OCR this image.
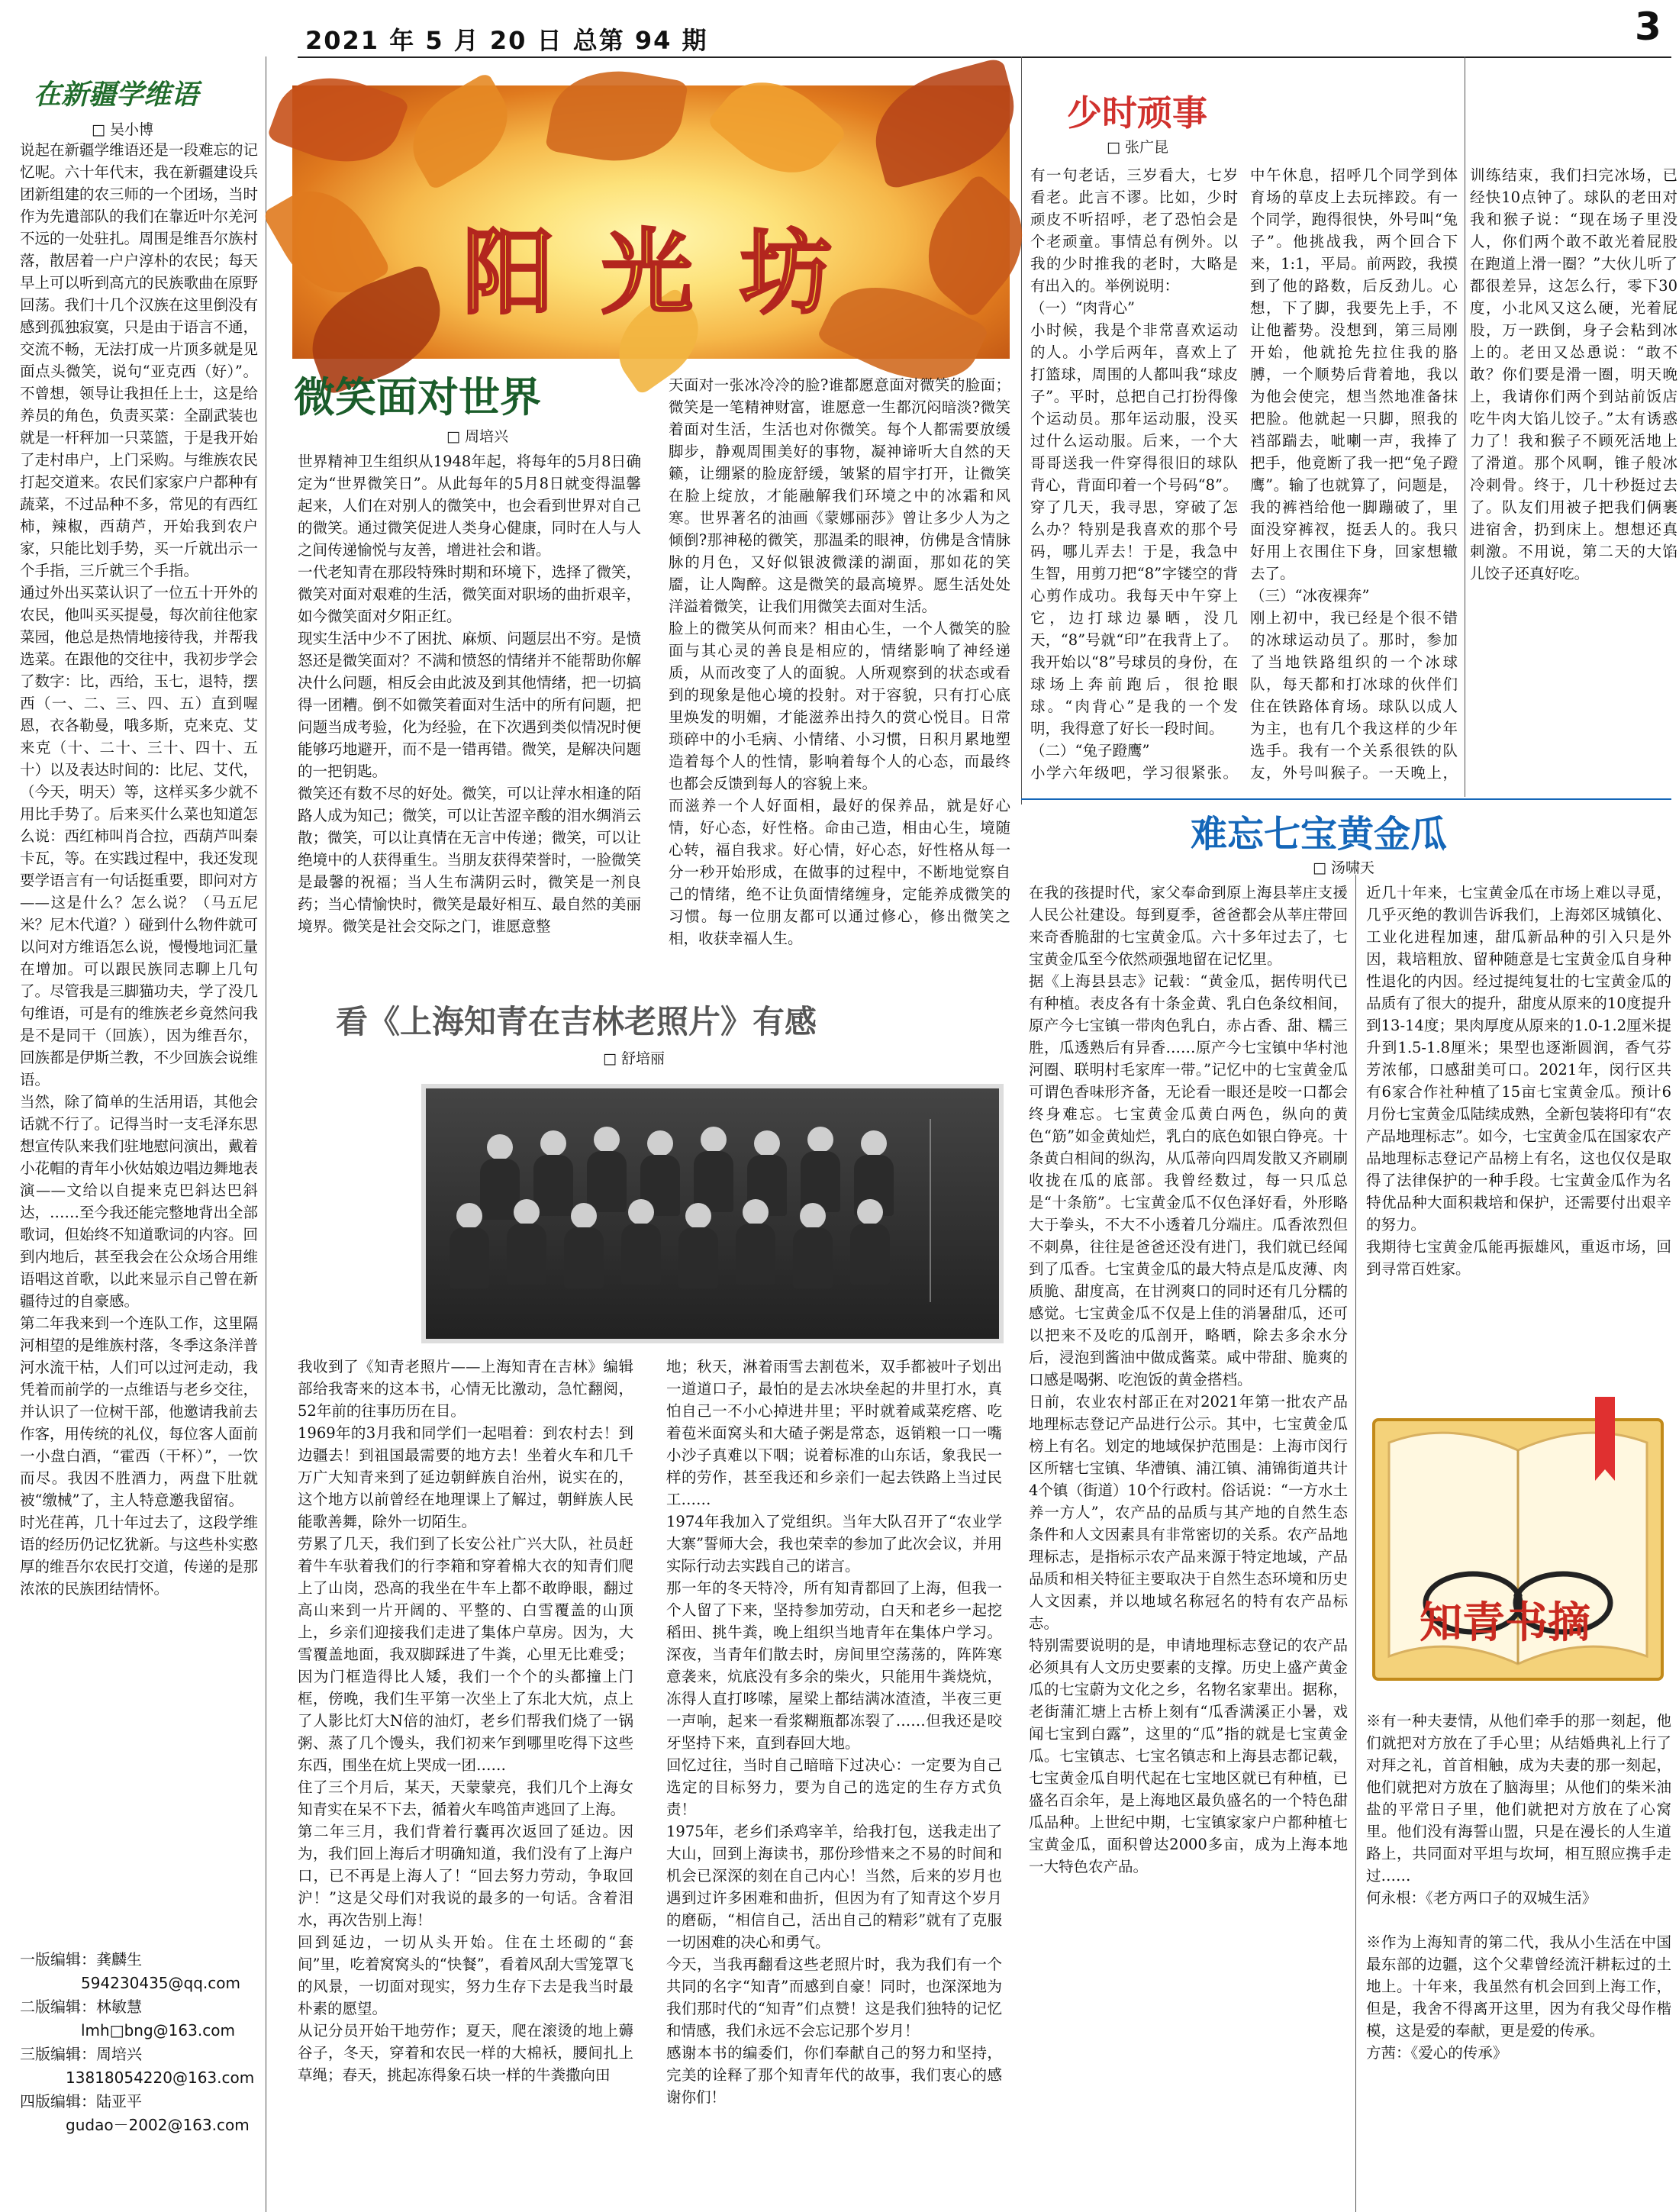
2021 年 5 月 20 日 总第 94 期	3
在新疆学维语
□ 吴小博
说起在新疆学维语还是一段难忘的记忆呢。六十年代末，我在新疆建设兵团新组建的农三师的一个团场，当时作为先遣部队的我们在靠近叶尔羌河不远的一处驻扎。周围是维吾尔族村落，散居着一户户淳朴的农民；每天早上可以听到高亢的民族歌曲在原野回荡。我们十几个汉族在这里倒没有感到孤独寂寞，只是由于语言不通，交流不畅，无法打成一片顶多就是见面点头微笑，说句“亚克西（好）”。不曾想，领导让我担任上士，这是给养员的角色，负责买菜：全副武装也就是一杆秤加一只菜篮，于是我开始了走村串户，上门采购。与维族农民打起交道来。农民们家家户户都种有蔬菜，不过品种不多，常见的有西红柿，辣椒，西葫芦，开始我到农户家，只能比划手势，买一斤就出示一个手指，三斤就三个手指。
通过外出买菜认识了一位五十开外的农民，他叫买买提曼，每次前往他家菜园，他总是热情地接待我，并帮我选菜。在跟他的交往中，我初步学会了数字：比，西给，玉七，退特，摆西（一、二、三、四、五）直到喔恩，衣各勒曼，哦多斯，克来克、艾来克（十、二十、三十、四十、五十）以及表达时间的：比尼、艾代，（今天，明天）等，这样买多少就不用比手势了。后来买什么菜也知道怎么说：西红柿叫肖合拉，西葫芦叫秦卡瓦，等。在实践过程中，我还发现要学语言有一句话挺重要，即问对方——这是什么？怎么说？（马五尼米？尼木代道？）碰到什么物件就可以问对方维语怎么说，慢慢地词汇量在增加。可以跟民族同志聊上几句了。尽管我是三脚猫功夫，学了没几句维语，可是有的维族老乡竟然问我是不是同干（回族），因为维吾尔，回族都是伊斯兰教，不少回族会说维语。
当然，除了简单的生活用语，其他会话就不行了。记得当时一支毛泽东思想宣传队来我们驻地慰问演出，戴着小花帽的青年小伙姑娘边唱边舞地表演——文给以自提来克巴斜达巴斜达，……至今我还能完整地背出全部歌词，但始终不知道歌词的内容。回到内地后，甚至我会在公众场合用维语唱这首歌，以此来显示自己曾在新疆待过的自豪感。
第二年我来到一个连队工作，这里隔河相望的是维族村落，冬季这条洋普河水流干枯，人们可以过河走动，我凭着而前学的一点维语与老乡交往，并认识了一位树干部，他邀请我前去作客，用传统的礼仪，每位客人面前一小盘白酒，“霍西（干杯）”，一饮而尽。我因不胜酒力，两盘下肚就被“缴械”了，主人特意邀我留宿。
时光荏苒，几十年过去了，这段学维语的经历仍记忆犹新。与这些朴实憨厚的维吾尔农民打交道，传递的是那浓浓的民族团结情怀。
一版编辑：龚麟生
594230435@qq.com
二版编辑：林敏慧
lmh□bng@163.com
三版编辑：周培兴
13818054220@163.com
四版编辑：陆亚平
gudao－2002@163.com
阳 光 坊
微笑面对世界
□ 周培兴
世界精神卫生组织从1948年起，将每年的5月8日确定为“世界微笑日”。从此每年的5月8日就变得温馨起来，人们在对别人的微笑中，也会看到世界对自己的微笑。通过微笑促进人类身心健康，同时在人与人之间传递愉悦与友善，增进社会和谐。
一代老知青在那段特殊时期和环境下，选择了微笑，微笑对面对艰难的生活，微笑面对职场的曲折艰辛，如今微笑面对夕阳正红。
现实生活中少不了困扰、麻烦、问题层出不穷。是愤怒还是微笑面对？不满和愤怒的情绪并不能帮助你解决什么问题，相反会由此波及到其他情绪，把一切搞得一团糟。倒不如微笑着面对生活中的所有问题，把问题当成考验，化为经验，在下次遇到类似情况时便能够巧地避开，而不是一错再错。微笑，是解决问题的一把钥匙。
微笑还有数不尽的好处。微笑，可以让萍水相逢的陌路人成为知己；微笑，可以让苦涩辛酸的泪水绸消云散；微笑，可以让真情在无言中传递；微笑，可以让绝境中的人获得重生。当朋友获得荣誉时，一脸微笑是最馨的祝福；当人生布满阴云时，微笑是一剂良药；当心情愉快时，微笑是最好相互、最自然的美丽境界。微笑是社会交际之门，谁愿意整
天面对一张冰冷冷的脸?谁都愿意面对微笑的脸面；微笑是一笔精神财富，谁愿意一生都沉闷暗淡?微笑着面对生活，生活也对你微笑。每个人都需要放缓脚步，静观周围美好的事物，凝神谛听大自然的天籁，让绷紧的脸庞舒缓，皱紧的眉宇打开，让微笑在脸上绽放，才能融解我们环境之中的冰霜和风寒。世界著名的油画《蒙娜丽莎》曾让多少人为之倾倒?那神秘的微笑，那温柔的眼神，仿佛是含情脉脉的月色，又好似银波微漾的湖面，那如花的笑靥，让人陶醉。这是微笑的最高境界。愿生活处处洋溢着微笑，让我们用微笑去面对生活。
脸上的微笑从何而来？相由心生，一个人微笑的脸面与其心灵的善良是相应的，情绪影响了神经递质，从而改变了人的面貌。人所观察到的状态或看到的现象是他心境的投射。对于容貌，只有打心底里焕发的明媚，才能滋养出持久的赏心悦目。日常琐碎中的小毛病、小情绪、小习惯，日积月累地塑造着每个人的性情，影响着每个人的心态，而最终也都会反馈到每人的容貌上来。
而滋养一个人好面相，最好的保养品，就是好心情，好心态，好性格。命由己造，相由心生，境随心转，福自我求。好心情，好心态，好性格从每一分一秒开始形成，在做事的过程中，不断地觉察自己的情绪，绝不让负面情绪缠身，定能养成微笑的习惯。每一位朋友都可以通过修心，修出微笑之相，收获幸福人生。
看《上海知青在吉林老照片》有感
□ 舒培丽
我收到了《知青老照片——上海知青在吉林》编辑部给我寄来的这本书，心情无比激动，急忙翻阅，52年前的往事历历在目。
1969年的3月我和同学们一起唱着：到农村去！到边疆去！到祖国最需要的地方去！坐着火车和几千万广大知青来到了延边朝鲜族自治州，说实在的，这个地方以前曾经在地理课上了解过，朝鲜族人民能歌善舞，除外一切陌生。
劳累了几天，我们到了长安公社广兴大队，社员赶着牛车驮着我们的行李箱和穿着棉大衣的知青们爬上了山岗，恐高的我坐在牛车上都不敢睁眼，翻过高山来到一片开阔的、平整的、白雪覆盖的山顶上，乡亲们迎接我们走进了集体户草房。因为，大雪覆盖地面，我双脚踩进了牛粪，心里无比难受；因为门框造得比人矮，我们一个个的头都撞上门框，傍晚，我们生平第一次坐上了东北大炕，点上了人影比灯大N倍的油灯，老乡们帮我们烧了一锅粥、蒸了几个馒头，我们初来乍到哪里吃得下这些东西，围坐在炕上哭成一团……
住了三个月后，某天，天蒙蒙亮，我们几个上海女知青实在呆不下去，循着火车鸣笛声逃回了上海。
第二年三月，我们背着行囊再次返回了延边。因为，我们回上海后才明确知道，我们没有了上海户口，已不再是上海人了！“回去努力劳动，争取回沪！”这是父母们对我说的最多的一句话。含着泪水，再次告别上海！
回到延边，一切从头开始。住在土坯砌的“套间”里，吃着窝窝头的“快餐”，看着风刮大雪笼罩飞的风景，一切面对现实，努力生存下去是我当时最朴素的愿望。
从记分员开始干地劳作；夏天，爬在滚烫的地上薅谷子，冬天，穿着和农民一样的大棉袄，腰间扎上草绳；春天，挑起冻得象石块一样的牛粪撒向田
地；秋天，淋着雨雪去割苞米，双手都被叶子划出一道道口子，最怕的是去冰块垒起的井里打水，真怕自己一不小心掉进井里；平时就着咸菜疙瘩、吃着苞米面窝头和大碴子粥是常态，返销粮一口一嘴小沙子真难以下咽；说着标准的山东话，象我民一样的劳作，甚至我还和乡亲们一起去铁路上当过民工……
1974年我加入了党组织。当年大队召开了“农业学大寨”誓师大会，我也荣幸的参加了此次会议，并用实际行动去实践自己的诺言。
那一年的冬天特冷，所有知青都回了上海，但我一个人留了下来，坚持参加劳动，白天和老乡一起挖稻田、挑牛粪，晚上组织当地青年在集体户学习。深夜，当青年们散去时，房间里空荡荡的，阵阵寒意袭来，炕底没有多余的柴火，只能用牛粪烧炕，冻得人直打哆嗦，屋梁上都结满冰渣渣，半夜三更一声响，起来一看浆糊瓶都冻裂了……但我还是咬牙坚持下来，直到春回大地。
回忆过往，当时自己暗暗下过决心：一定要为自己选定的目标努力，要为自己的选定的生存方式负责！
1975年，老乡们杀鸡宰羊，给我打包，送我走出了大山，回到上海读书，那份珍惜来之不易的时间和机会已深深的刻在自己内心！当然，后来的岁月也遇到过许多困难和曲折，但因为有了知青这个岁月的磨砺，“相信自己，活出自己的精彩”就有了克服一切困难的决心和勇气。
今天，当我再翻看这些老照片时，我为我们有一个共同的名字“知青”而感到自豪！同时，也深深地为我们那时代的“知青”们点赞！这是我们独特的记忆和情感，我们永远不会忘记那个岁月！
感谢本书的编委们，你们奉献自己的努力和坚持，完美的诠释了那个知青年代的故事，我们衷心的感谢你们！
少时顽事
□ 张广昆
有一句老话，三岁看大，七岁看老。此言不谬。比如，少时顽皮不听招呼，老了恐怕会是个老顽童。事情总有例外。以我的少时推我的老时，大略是有出入的。举例说明：
（一）“肉背心”
小时候，我是个非常喜欢运动的人。小学后两年，喜欢上了打篮球，周围的人都叫我“球皮子”。平时，总把自己打扮得像个运动员。那年运动服，没买过什么运动服。后来，一个大哥哥送我一件穿得很旧的球队背心，背面印着一个号码“8”。穿了几天，我寻思，穿破了怎么办？特别是我喜欢的那个号码，哪儿弄去！于是，我急中生智，用剪刀把“8”字镂空的背心剪作成功。我每天中午穿上它，边打球边暴晒，没几天，“8”号就“印”在我背上了。我开始以“8”号球员的身份，在球场上奔前跑后，很抢眼球。“肉背心”是我的一个发明，我得意了好长一段时间。
（二）“兔子蹬鹰”
小学六年级吧，学习很紧张。中午休息，招呼几个同学到体育场的草皮上去玩摔跤。有一个同学，跑得很快，外号叫“兔子”。他挑战我，两个回合下来，1:1，平局。前两跤，我摸到了他的路数，后反劲儿。心想，下了脚，我要先上手，不让他蓄势。没想到，第三局刚开始，他就抢先拉住我的胳膊，一个顺势后背着地，我以为他会使完，想当然地准备抹把脸。他就起一只脚，照我的裆部踹去，呲喇一声，我捧了把手，他竟断了我一把“兔子蹬鹰”。输了也就算了，问题是，我的裤裆给他一脚蹦破了，里面没穿裤衩，挺丢人的。我只好用上衣围住下身，回家想辙去了。
（三）“冰夜裸奔”
刚上初中，我已经是个很不错的冰球运动员了。那时，参加了当地铁路组织的一个冰球队，每天都和打冰球的伙伴们住在铁路体育场。球队以成人为主，也有几个我这样的少年选手。我有一个关系很铁的队友，外号叫猴子。一天晚上，训练结束，我们扫完冰场，已经快10点钟了。球队的老田对我和猴子说：“现在场子里没人，你们两个敢不敢光着屁股在跑道上滑一圈？”大伙儿听了都很差异，这怎么行，零下30度，小北风又这么硬，光着屁股，万一跌倒，身子会粘到冰上的。老田又怂恿说：“敢不敢？你们要是滑一圈，明天晚上，我请你们两个到站前饭店吃牛肉大馅儿饺子。”太有诱惑力了！我和猴子不顾死活地上了滑道。那个风啊，锥子般冰冷刺骨。终于，几十秒挺过去了。队友们用被子把我们俩裹进宿舍，扔到床上。想想还真刺激。不用说，第二天的大馅儿饺子还真好吃。
难忘七宝黄金瓜
□ 汤啸天
在我的孩提时代，家父奉命到原上海县莘庄支援人民公社建设。每到夏季，爸爸都会从莘庄带回来奇香脆甜的七宝黄金瓜。六十多年过去了，七宝黄金瓜至今依然顽强地留在记忆里。
据《上海县县志》记载：“黄金瓜，据传明代已有种植。表皮各有十条金黄、乳白色条纹相间，原产今七宝镇一带肉色乳白，赤占香、甜、糯三胜，瓜透熟后有异香……原产今七宝镇中华村池河圈、联明村毛家库一带。”记忆中的七宝黄金瓜可谓色香味形齐备，无论看一眼还是咬一口都会终身难忘。七宝黄金瓜黄白两色，纵向的黄色“筋”如金黄灿烂，乳白的底色如银白铮亮。十条黄白相间的纵沟，从瓜蒂向四周发散又齐刷刷收拢在瓜的底部。我曾经数过，每一只瓜总是“十条筋”。七宝黄金瓜不仅色泽好看，外形略大于拳头，不大不小透着几分端庄。瓜香浓烈但不刺鼻，往往是爸爸还没有进门，我们就已经闻到了瓜香。七宝黄金瓜的最大特点是瓜皮薄、肉质脆、甜度高，在甘洌爽口的同时还有几分糯的感觉。七宝黄金瓜不仅是上佳的消暑甜瓜，还可以把来不及吃的瓜剖开，略晒，除去多余水分后，浸泡到酱油中做成酱菜。咸中带甜、脆爽的口感是喝粥、吃泡饭的黄金搭档。
日前，农业农村部正在对2021年第一批农产品地理标志登记产品进行公示。其中，七宝黄金瓜榜上有名。划定的地域保护范围是：上海市闵行区所辖七宝镇、华漕镇、浦江镇、浦锦街道共计4个镇（街道）10个行政村。俗话说：“一方水土养一方人”，农产品的品质与其产地的自然生态条件和人文因素具有非常密切的关系。农产品地理标志，是指标示农产品来源于特定地域，产品品质和相关特征主要取决于自然生态环境和历史人文因素，并以地域名称冠名的特有农产品标志。
特别需要说明的是，申请地理标志登记的农产品必须具有人文历史要素的支撑。历史上盛产黄金瓜的七宝蔚为文化之乡，名物名家辈出。据称，老街蒲汇塘上古桥上刻有“瓜香满溪正小暑，戏闻七宝到白露”，这里的“瓜”指的就是七宝黄金瓜。七宝镇志、七宝名镇志和上海县志都记载，七宝黄金瓜自明代起在七宝地区就已有种植，已盛名百余年，是上海地区最负盛名的一个特色甜瓜品种。上世纪中期，七宝镇家家户户都种植七宝黄金瓜，面积曾达2000多亩，成为上海本地一大特色农产品。
近几十年来，七宝黄金瓜在市场上难以寻觅，几乎灭绝的教训告诉我们，上海郊区城镇化、工业化进程加速，甜瓜新品种的引入只是外因，栽培粗放、留种随意是七宝黄金瓜自身种性退化的内因。经过提纯复壮的七宝黄金瓜的品质有了很大的提升，甜度从原来的10度提升到13-14度；果肉厚度从原来的1.0-1.2厘米提升到1.5-1.8厘米；果型也逐渐圆润，香气芬芳浓郁，口感甜美可口。2021年，闵行区共有6家合作社种植了15亩七宝黄金瓜。预计6月份七宝黄金瓜陆续成熟，全新包装将印有“农产品地理标志”。如今，七宝黄金瓜在国家农产品地理标志登记产品榜上有名，这也仅仅是取得了法律保护的一种手段。七宝黄金瓜作为名特优品种大面积栽培和保护，还需要付出艰辛的努力。
我期待七宝黄金瓜能再振雄风，重返市场，回到寻常百姓家。
知青书摘
※有一种夫妻情，从他们牵手的那一刻起，他们就把对方放在了手心里；从结婚典礼上行了对拜之礼，首首相触，成为夫妻的那一刻起，他们就把对方放在了脑海里；从他们的柴米油盐的平常日子里，他们就把对方放在了心窝里。他们没有海誓山盟，只是在漫长的人生道路上，共同面对平坦与坎坷，相互照应携手走过……
何永根：《老方两口子的双城生活》

※作为上海知青的第二代，我从小生活在中国最东部的边疆，这个父辈曾经流汗耕耘过的土地上。十年来，我虽然有机会回到上海工作，但是，我舍不得离开这里，因为有我父母作楷模，这是爱的奉献，更是爱的传承。
方茜：《爱心的传承》
